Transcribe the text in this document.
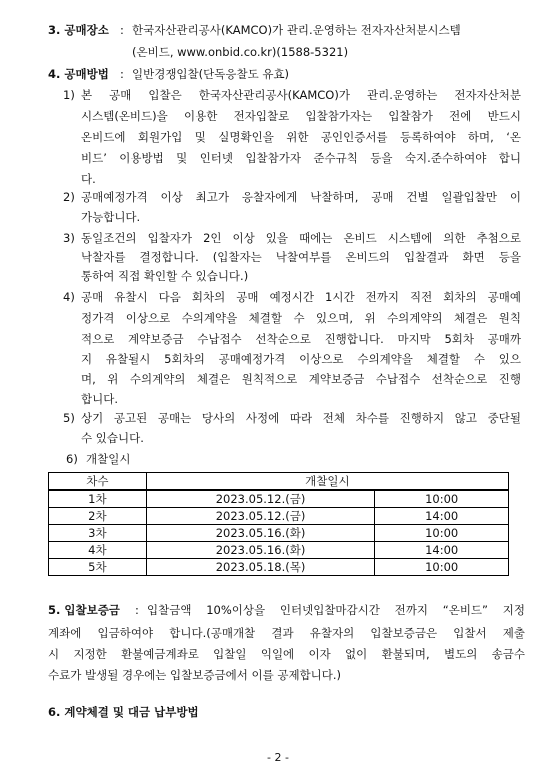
3. 공매장소 : 한국자산관리공사(KAMCO)가 관리.운영하는 전자자산처분시스템
(온비드, www.onbid.co.kr)(1588-5321)
4. 공매방법 : 일반경쟁입찰(단독응찰도 유효)
1) 본 공매 입찰은 한국자산관리공사(KAMCO)가 관리.운영하는 전자자산처분
시스템(온비드)을 이용한 전자입찰로 입찰참가자는 입찰참가 전에 반드시
온비드에 회원가입 및 실명확인을 위한 공인인증서를 등록하여야 하며, ‘온
비드’ 이용방법 및 인터넷 입찰참가자 준수규칙 등을 숙지.준수하여야 합니
다.
2) 공매예정가격 이상 최고가 응찰자에게 낙찰하며, 공매 건별 일괄입찰만 이
가능합니다.
3) 동일조건의 입찰자가 2인 이상 있을 때에는 온비드 시스템에 의한 추첨으로
낙찰자를 결정합니다. (입찰자는 낙찰여부를 온비드의 입찰결과 화면 등을
통하여 직접 확인할 수 있습니다.)
4) 공매 유찰시 다음 회차의 공매 예정시간 1시간 전까지 직전 회차의 공매예
정가격 이상으로 수의계약을 체결할 수 있으며, 위 수의계약의 체결은 원칙
적으로 계약보증금 수납접수 선착순으로 진행합니다. 마지막 5회차 공매까
지 유찰될시 5회차의 공매예정가격 이상으로 수의계약을 체결할 수 있으
며, 위 수의계약의 체결은 원칙적으로 계약보증금 수납접수 선착순으로 진행
합니다.
5) 상기 공고된 공매는 당사의 사정에 따라 전체 차수를 진행하지 않고 중단될
수 있습니다.
6) 개찰일시
차수	개찰일시	
1차	2023.05.12.(금)	10:00
2차	2023.05.12.(금)	14:00
3차	2023.05.16.(화)	10:00
4차	2023.05.16.(화)	14:00
5차	2023.05.18.(목)	10:00
5. 입찰보증금 : 입찰금액 10%이상을 인터넷입찰마감시간 전까지 “온비드” 지정
계좌에 입금하여야 합니다.(공매개찰 결과 유찰자의 입찰보증금은 입찰서 제출
시 지정한 환불예금계좌로 입찰일 익일에 이자 없이 환불되며, 별도의 송금수
수료가 발생될 경우에는 입찰보증금에서 이를 공제합니다.)
6. 계약체결 및 대금 납부방법
- 2 -
